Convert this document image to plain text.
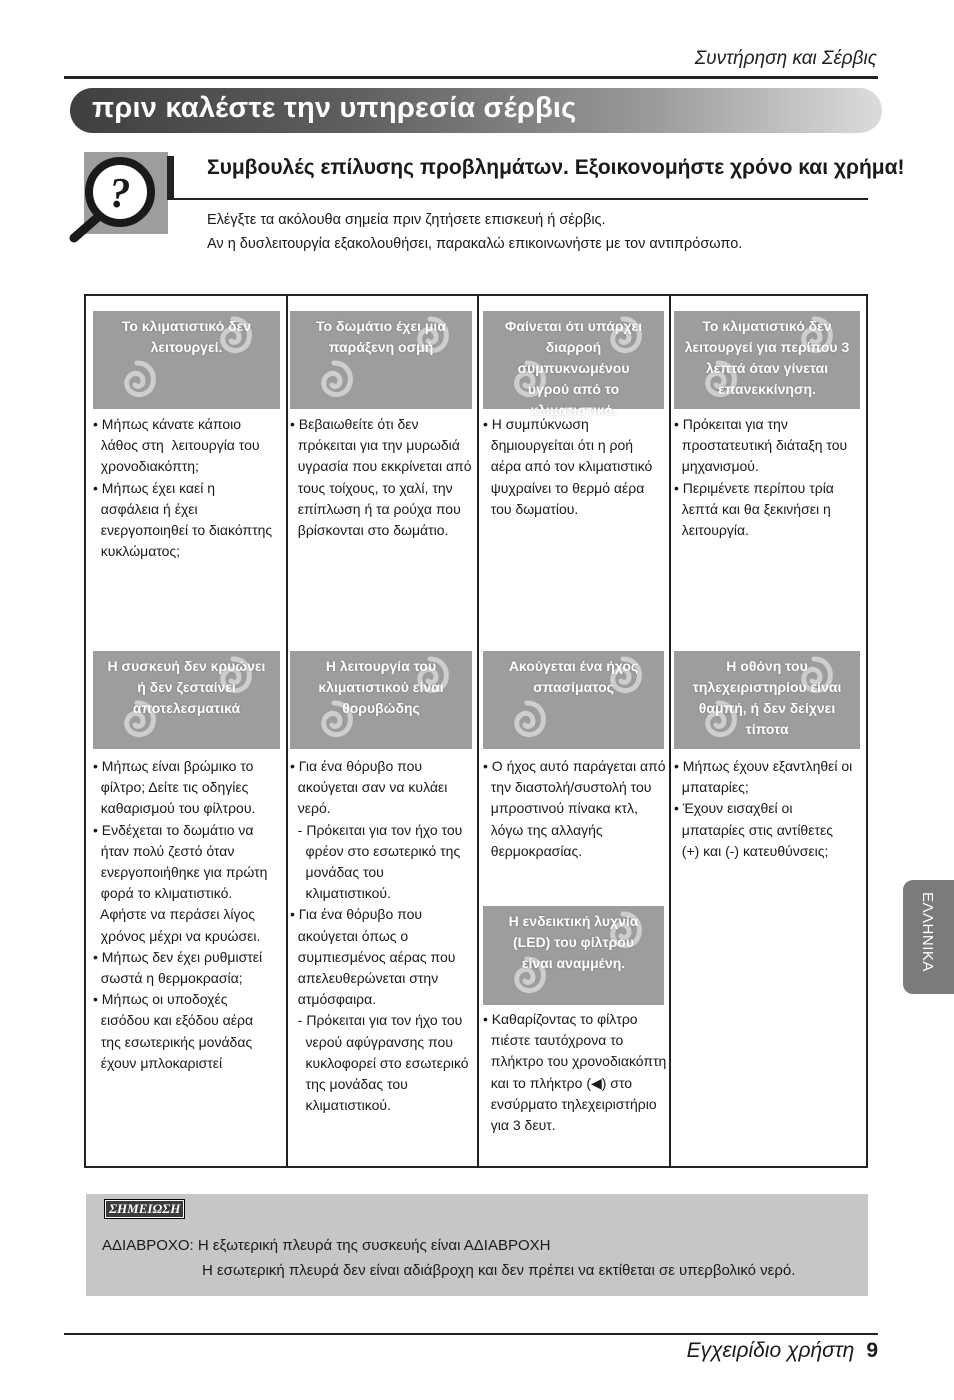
Συντήρηση και Σέρβις
πριν καλέστε την υπηρεσία σέρβις
?
Συμβουλές επίλυσης προβλημάτων. Εξοικονομήστε χρόνο και χρήμα!
Ελέγξτε τα ακόλουθα σημεία πριν ζητήσετε επισκευή ή σέρβις.
Αν η δυσλειτουργία εξακολουθήσει, παρακαλώ επικοινωνήστε με τον αντιπρόσωπο.
Το κλιματιστικό δεν
λειτουργεί.
• Μήπως κάνατε κάποιο
λάθος στη  λειτουργία του
χρονοδιακόπτη;
• Μήπως έχει καεί η
ασφάλεια ή έχει
ενεργοποιηθεί το διακόπτης
κυκλώματος;
Το δωμάτιο έχει μια
παράξενη οσμή
• Βεβαιωθείτε ότι δεν
πρόκειται για την μυρωδιά
υγρασία που εκκρίνεται από
τους τοίχους, το χαλί, την
επίπλωση ή τα ρούχα που
βρίσκονται στο δωμάτιο.
Φαίνεται ότι υπάρχει
διαρροή συμπυκνωμένου
υγρού από το
κλιματιστικό.
• Η συμπύκνωση
δημιουργείται ότι η ροή
αέρα από τον κλιματιστικό
ψυχραίνει το θερμό αέρα
του δωματίου.
Το κλιματιστικό δεν
λειτουργεί για περίπου 3
λεπτά όταν γίνεται
επανεκκίνηση.
• Πρόκειται για την
προστατευτική διάταξη του
μηχανισμού.
• Περιμένετε περίπου τρία
λεπτά και θα ξεκινήσει η
λειτουργία.
Η συσκευή δεν κρυώνει
ή δεν ζεσταίνει
αποτελεσματικά
• Μήπως είναι βρώμικο το
φίλτρο; Δείτε τις οδηγίες
καθαρισμού του φίλτρου.
• Ενδέχεται το δωμάτιο να
ήταν πολύ ζεστό όταν
ενεργοποιήθηκε για πρώτη
φορά το κλιματιστικό.
Αφήστε να περάσει λίγος
χρόνος μέχρι να κρυώσει.
• Μήπως δεν έχει ρυθμιστεί
σωστά η θερμοκρασία;
• Μήπως οι υποδοχές
εισόδου και εξόδου αέρα
της εσωτερικής μονάδας
έχουν μπλοκαριστεί
Η λειτουργία του
κλιματιστικού είναι
θορυβώδης
• Για ένα θόρυβο που
ακούγεται σαν να κυλάει
νερό.
- Πρόκειται για τον ήχο του
φρέον στο εσωτερικό της
μονάδας του
κλιματιστικού.
• Για ένα θόρυβο που
ακούγεται όπως ο
συμπιεσμένος αέρας που
απελευθερώνεται στην
ατμόσφαιρα.
- Πρόκειται για τον ήχο του
νερού αφύγρανσης που
κυκλοφορεί στο εσωτερικό
της μονάδας του
κλιματιστικού.
Ακούγεται ένα ήχος
σπασίματος
• Ο ήχος αυτό παράγεται από
την διαστολή/συστολή του
μπροστινού πίνακα κτλ,
λόγω της αλλαγής
θερμοκρασίας.
Η οθόνη του
τηλεχειριστηρίου είναι
θαμπή, ή δεν δείχνει
τίποτα
• Μήπως έχουν εξαντληθεί οι
μπαταρίες;
• Έχουν εισαχθεί οι
μπαταρίες στις αντίθετες
(+) και (-) κατευθύνσεις;
Η ενδεικτική λυχνία
(LED) του φίλτρου
είναι αναμμένη.
• Καθαρίζοντας το φίλτρο
πιέστε ταυτόχρονα το
πλήκτρο του χρονοδιακόπτη
και το πλήκτρο (◀) στο
ενσύρματο τηλεχειριστήριο
για 3 δευτ.
ΣΗΜΕΙΩΣΗ
ΑΔΙΑΒΡΟΧΟ: Η εξωτερική πλευρά της συσκευής είναι ΑΔΙΑΒΡΟΧΗ
Η εσωτερική πλευρά δεν είναι αδιάβροχη και δεν πρέπει να εκτίθεται σε υπερβολικό νερό.
Εγχειρίδιο χρήστη 9
ΕΛΛΗΝΙΚΑ
